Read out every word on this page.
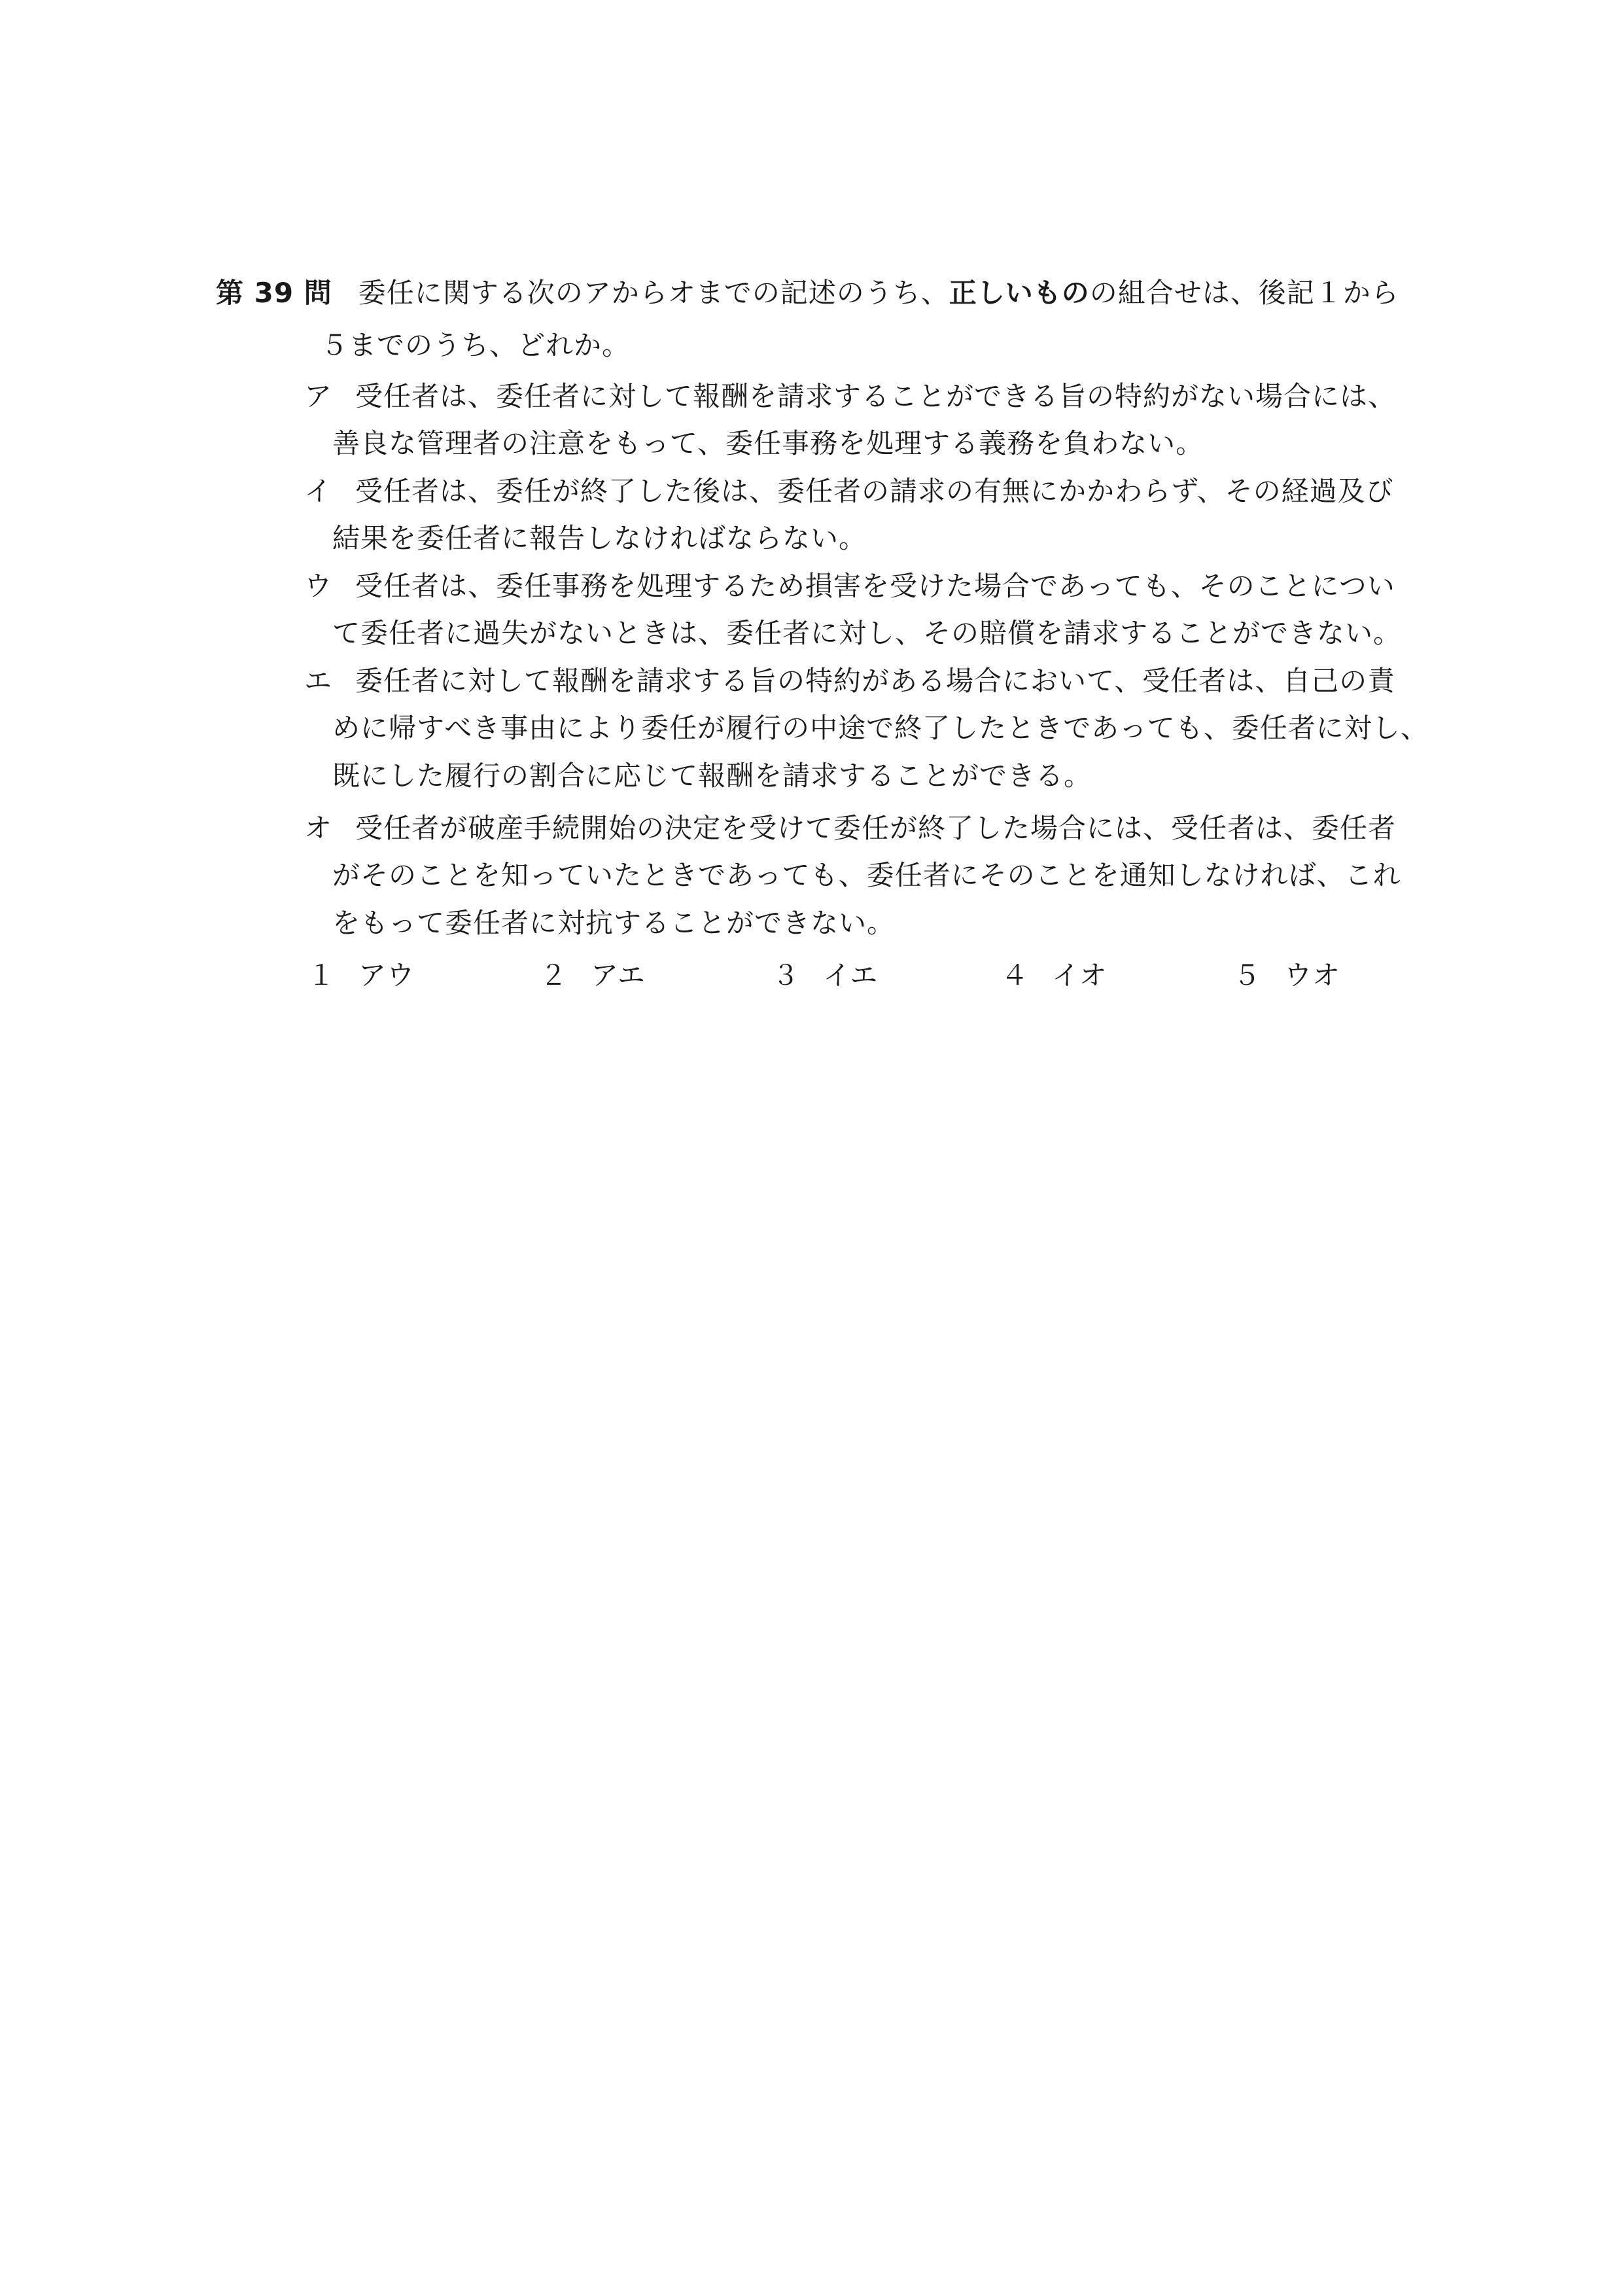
第 39 問 委任に関する次のアからオまでの記述のうち、正しいものの組合せは、後記１から
５までのうち、どれか。
ア 受任者は、委任者に対して報酬を請求することができる旨の特約がない場合には、
善良な管理者の注意をもって、委任事務を処理する義務を負わない。
イ 受任者は、委任が終了した後は、委任者の請求の有無にかかわらず、その経過及び
結果を委任者に報告しなければならない。
ウ 受任者は、委任事務を処理するため損害を受けた場合であっても、そのことについ
て委任者に過失がないときは、委任者に対し、その賠償を請求することができない。
エ 委任者に対して報酬を請求する旨の特約がある場合において、受任者は、自己の責
めに帰すべき事由により委任が履行の中途で終了したときであっても、委任者に対し、
既にした履行の割合に応じて報酬を請求することができる。
オ 受任者が破産手続開始の決定を受けて委任が終了した場合には、受任者は、委任者
がそのことを知っていたときであっても、委任者にそのことを通知しなければ、これ
をもって委任者に対抗することができない。
１ アウ	２ アエ	３ イエ	４ イオ	５ ウオ
